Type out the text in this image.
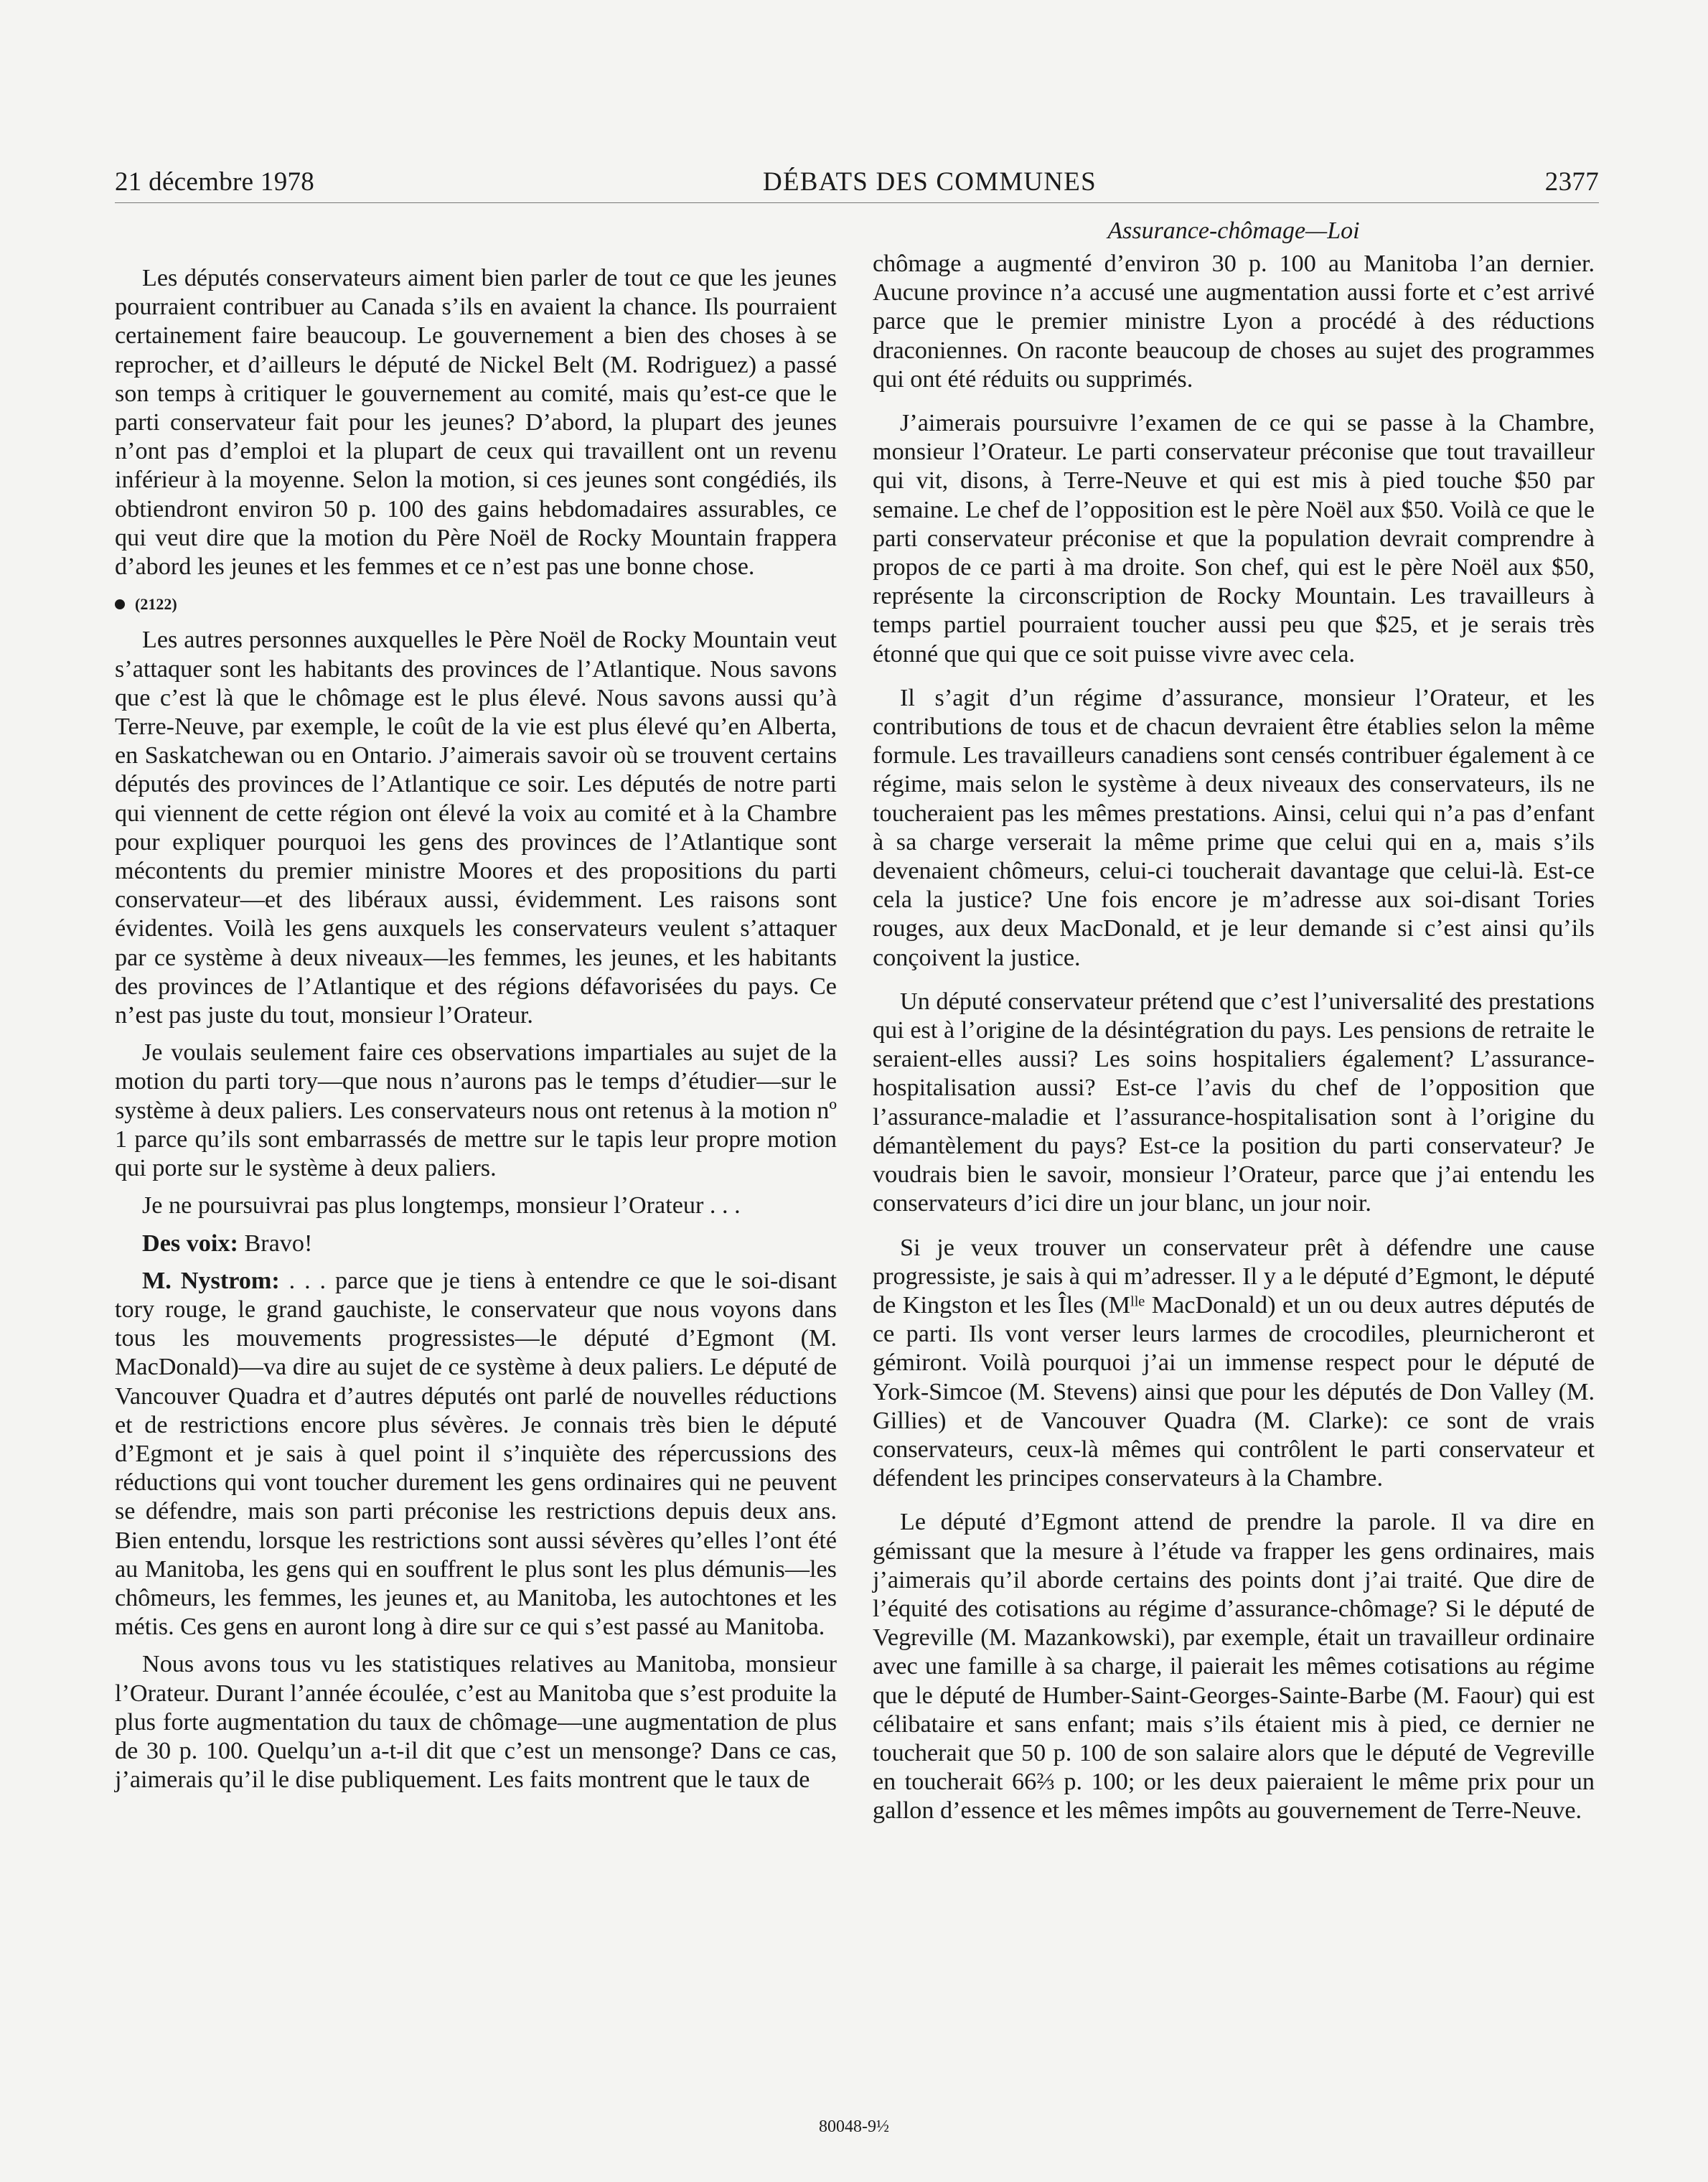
21 décembre 1978	DÉBATS DES COMMUNES	2377

Les députés conservateurs aiment bien parler de tout ce que les jeunes pourraient contribuer au Canada s’ils en avaient la chance. Ils pourraient certainement faire beaucoup. Le gouvernement a bien des choses à se reprocher, et d’ailleurs le député de Nickel Belt (M. Rodriguez) a passé son temps à critiquer le gouvernement au comité, mais qu’est-ce que le parti conservateur fait pour les jeunes? D’abord, la plupart des jeunes n’ont pas d’emploi et la plupart de ceux qui travaillent ont un revenu inférieur à la moyenne. Selon la motion, si ces jeunes sont congédiés, ils obtiendront environ 50 p. 100 des gains hebdomadaires assurables, ce qui veut dire que la motion du Père Noël de Rocky Mountain frappera d’abord les jeunes et les femmes et ce n’est pas une bonne chose.

(2122)

Les autres personnes auxquelles le Père Noël de Rocky Mountain veut s’attaquer sont les habitants des provinces de l’Atlantique. Nous savons que c’est là que le chômage est le plus élevé. Nous savons aussi qu’à Terre-Neuve, par exemple, le coût de la vie est plus élevé qu’en Alberta, en Saskatchewan ou en Ontario. J’aimerais savoir où se trouvent certains députés des provinces de l’Atlantique ce soir. Les députés de notre parti qui viennent de cette région ont élevé la voix au comité et à la Chambre pour expliquer pourquoi les gens des provinces de l’Atlantique sont mécontents du premier ministre Moores et des propositions du parti conservateur—et des libéraux aussi, évidemment. Les raisons sont évidentes. Voilà les gens auxquels les conservateurs veulent s’attaquer par ce système à deux niveaux—les femmes, les jeunes, et les habitants des provinces de l’Atlantique et des régions défavorisées du pays. Ce n’est pas juste du tout, monsieur l’Orateur.

Je voulais seulement faire ces observations impartiales au sujet de la motion du parti tory—que nous n’aurons pas le temps d’étudier—sur le système à deux paliers. Les conservateurs nous ont retenus à la motion nº 1 parce qu’ils sont embarrassés de mettre sur le tapis leur propre motion qui porte sur le système à deux paliers.

Je ne poursuivrai pas plus longtemps, monsieur l’Orateur . . .

Des voix: Bravo!

M. Nystrom: . . . parce que je tiens à entendre ce que le soi-disant tory rouge, le grand gauchiste, le conservateur que nous voyons dans tous les mouvements progressistes—le député d’Egmont (M. MacDonald)—va dire au sujet de ce système à deux paliers. Le député de Vancouver Quadra et d’autres députés ont parlé de nouvelles réductions et de restrictions encore plus sévères. Je connais très bien le député d’Egmont et je sais à quel point il s’inquiète des répercussions des réductions qui vont toucher durement les gens ordinaires qui ne peuvent se défendre, mais son parti préconise les restrictions depuis deux ans. Bien entendu, lorsque les restrictions sont aussi sévères qu’elles l’ont été au Manitoba, les gens qui en souffrent le plus sont les plus démunis—les chômeurs, les femmes, les jeunes et, au Manitoba, les autochtones et les métis. Ces gens en auront long à dire sur ce qui s’est passé au Manitoba.

Nous avons tous vu les statistiques relatives au Manitoba, monsieur l’Orateur. Durant l’année écoulée, c’est au Manitoba que s’est produite la plus forte augmentation du taux de chômage—une augmentation de plus de 30 p. 100. Quelqu’un a-t-il dit que c’est un mensonge? Dans ce cas, j’aimerais qu’il le dise publiquement. Les faits montrent que le taux de

Assurance-chômage—Loi

chômage a augmenté d’environ 30 p. 100 au Manitoba l’an dernier. Aucune province n’a accusé une augmentation aussi forte et c’est arrivé parce que le premier ministre Lyon a procédé à des réductions draconiennes. On raconte beaucoup de choses au sujet des programmes qui ont été réduits ou supprimés.

J’aimerais poursuivre l’examen de ce qui se passe à la Chambre, monsieur l’Orateur. Le parti conservateur préconise que tout travailleur qui vit, disons, à Terre-Neuve et qui est mis à pied touche $50 par semaine. Le chef de l’opposition est le père Noël aux $50. Voilà ce que le parti conservateur préconise et que la population devrait comprendre à propos de ce parti à ma droite. Son chef, qui est le père Noël aux $50, représente la circonscription de Rocky Mountain. Les travailleurs à temps partiel pourraient toucher aussi peu que $25, et je serais très étonné que qui que ce soit puisse vivre avec cela.

Il s’agit d’un régime d’assurance, monsieur l’Orateur, et les contributions de tous et de chacun devraient être établies selon la même formule. Les travailleurs canadiens sont censés contribuer également à ce régime, mais selon le système à deux niveaux des conservateurs, ils ne toucheraient pas les mêmes prestations. Ainsi, celui qui n’a pas d’enfant à sa charge verserait la même prime que celui qui en a, mais s’ils devenaient chômeurs, celui-ci toucherait davantage que celui-là. Est-ce cela la justice? Une fois encore je m’adresse aux soi-disant Tories rouges, aux deux MacDonald, et je leur demande si c’est ainsi qu’ils conçoivent la justice.

Un député conservateur prétend que c’est l’universalité des prestations qui est à l’origine de la désintégration du pays. Les pensions de retraite le seraient-elles aussi? Les soins hospitaliers également? L’assurance-hospitalisation aussi? Est-ce l’avis du chef de l’opposition que l’assurance-maladie et l’assurance-hospitalisation sont à l’origine du démantèlement du pays? Est-ce la position du parti conservateur? Je voudrais bien le savoir, monsieur l’Orateur, parce que j’ai entendu les conservateurs d’ici dire un jour blanc, un jour noir.

Si je veux trouver un conservateur prêt à défendre une cause progressiste, je sais à qui m’adresser. Il y a le député d’Egmont, le député de Kingston et les Îles (Mˡˡᵉ MacDonald) et un ou deux autres députés de ce parti. Ils vont verser leurs larmes de crocodiles, pleurnicheront et gémiront. Voilà pourquoi j’ai un immense respect pour le député de York-Simcoe (M. Stevens) ainsi que pour les députés de Don Valley (M. Gillies) et de Vancouver Quadra (M. Clarke): ce sont de vrais conservateurs, ceux-là mêmes qui contrôlent le parti conservateur et défendent les principes conservateurs à la Chambre.

Le député d’Egmont attend de prendre la parole. Il va dire en gémissant que la mesure à l’étude va frapper les gens ordinaires, mais j’aimerais qu’il aborde certains des points dont j’ai traité. Que dire de l’équité des cotisations au régime d’assurance-chômage? Si le député de Vegreville (M. Mazankowski), par exemple, était un travailleur ordinaire avec une famille à sa charge, il paierait les mêmes cotisations au régime que le député de Humber-Saint-Georges-Sainte-Barbe (M. Faour) qui est célibataire et sans enfant; mais s’ils étaient mis à pied, ce dernier ne toucherait que 50 p. 100 de son salaire alors que le député de Vegreville en toucherait 66⅔ p. 100; or les deux paieraient le même prix pour un gallon d’essence et les mêmes impôts au gouvernement de Terre-Neuve.

80048-9½
